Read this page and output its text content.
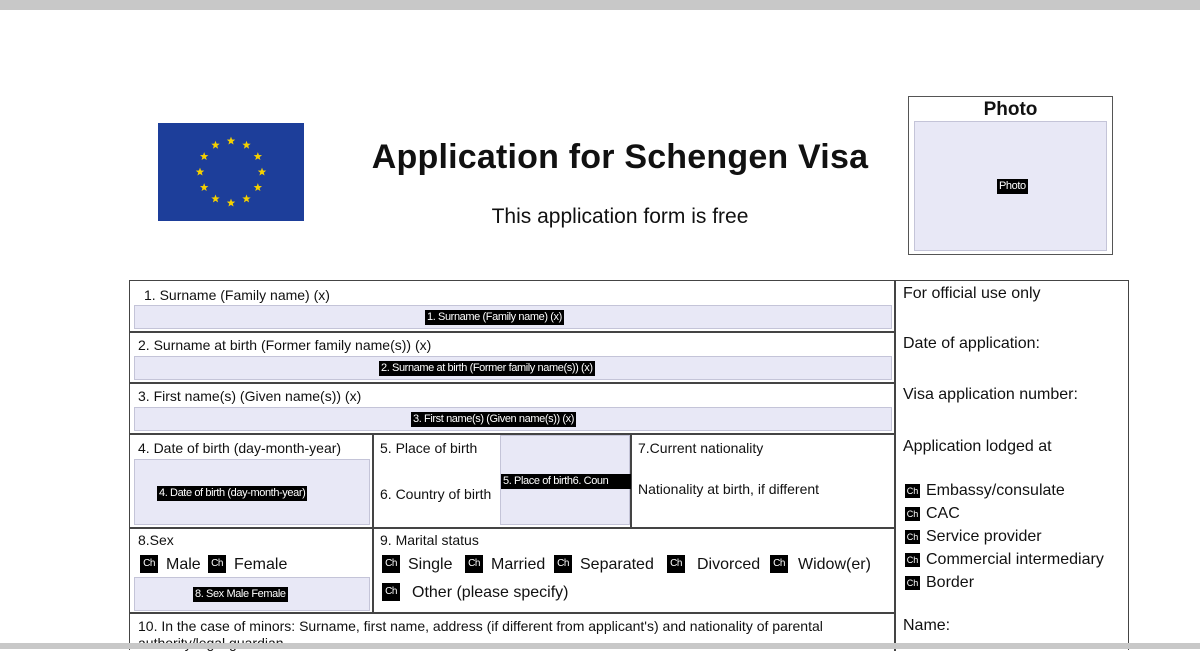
Application for Schengen Visa
This application form is free
Photo
Photo
1. Surname (Family name) (x)
1. Surname (Family name) (x)
2. Surname at birth (Former family name(s)) (x)
2. Surname at birth (Former family name(s)) (x)
3. First name(s) (Given name(s)) (x)
3. First name(s) (Given name(s)) (x)
4. Date of birth (day-month-year)
4. Date of birth (day-month-year)
5. Place of birth
6. Country of birth
5. Place of birth6. Coun
7.Current nationality
Nationality at birth, if different
8.Sex
Ch Male	Ch Female
8. Sex Male Female
9. Marital status
Ch Single	Ch Married	Ch Separated	Ch Divorced	Ch Widow(er)
Ch Other (please specify)
10. In the case of minors: Surname, first name, address (if different from applicant's) and nationality of parental
For official use only
Date of application:
Visa application number:
Application lodged at
Ch Embassy/consulate
Ch CAC
Ch Service provider
Ch Commercial intermediary
Ch Border
Name:
